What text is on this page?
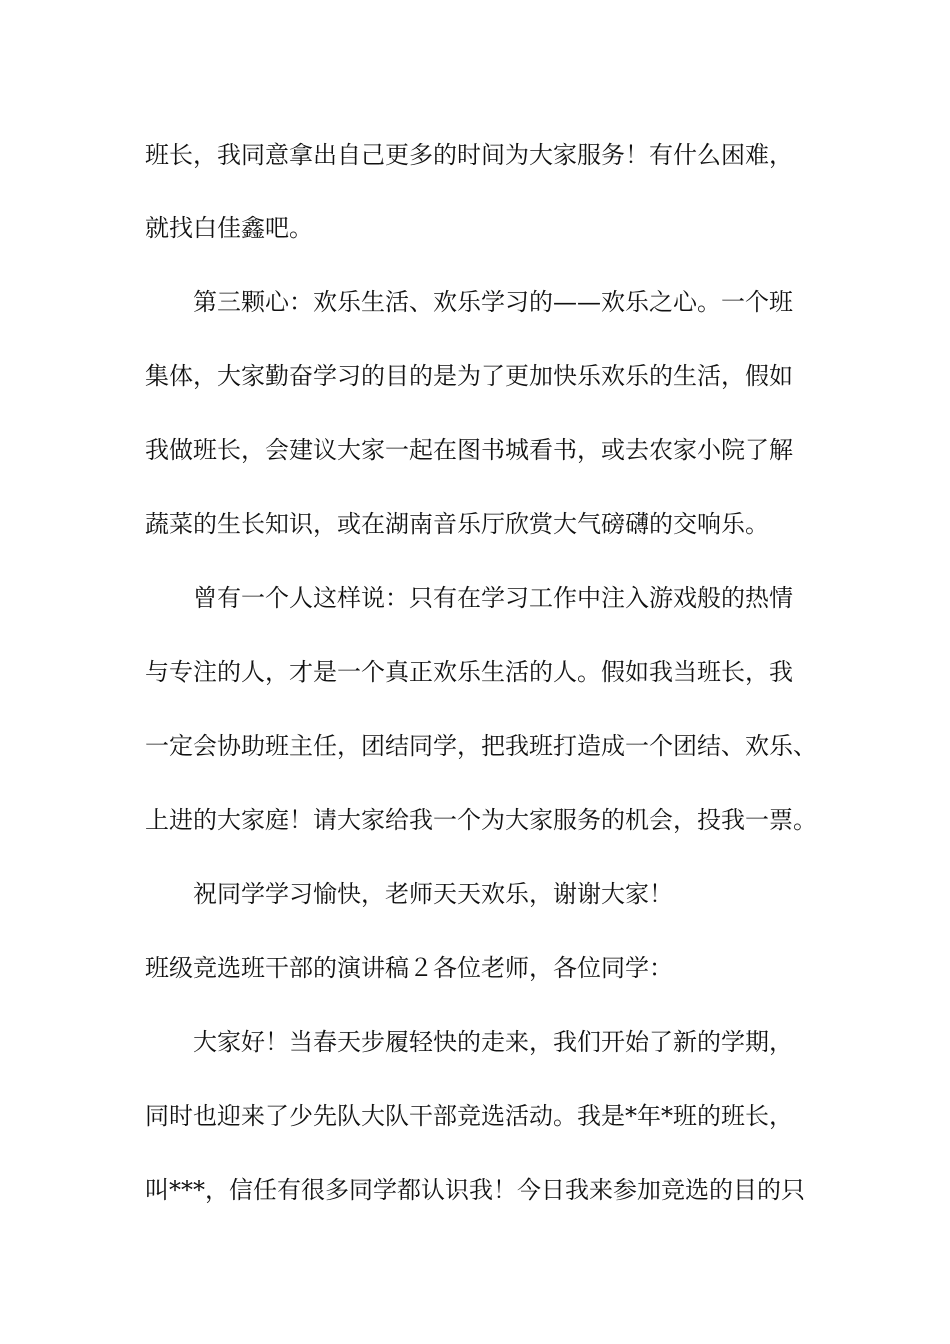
班长，我同意拿出自己更多的时间为大家服务！有什么困难，
就找白佳鑫吧。
第三颗心：欢乐生活、欢乐学习的——欢乐之心。一个班
集体，大家勤奋学习的目的是为了更加快乐欢乐的生活，假如
我做班长，会建议大家一起在图书城看书，或去农家小院了解
蔬菜的生长知识，或在湖南音乐厅欣赏大气磅礴的交响乐。
曾有一个人这样说：只有在学习工作中注入游戏般的热情
与专注的人，才是一个真正欢乐生活的人。假如我当班长，我
一定会协助班主任，团结同学，把我班打造成一个团结、欢乐、
上进的大家庭！请大家给我一个为大家服务的机会，投我一票。
祝同学学习愉快，老师天天欢乐，谢谢大家！
班级竞选班干部的演讲稿２各位老师，各位同学：
大家好！当春天步履轻快的走来，我们开始了新的学期，
同时也迎来了少先队大队干部竞选活动。我是*年*班的班长，
叫***，信任有很多同学都认识我！今日我来参加竞选的目的只
